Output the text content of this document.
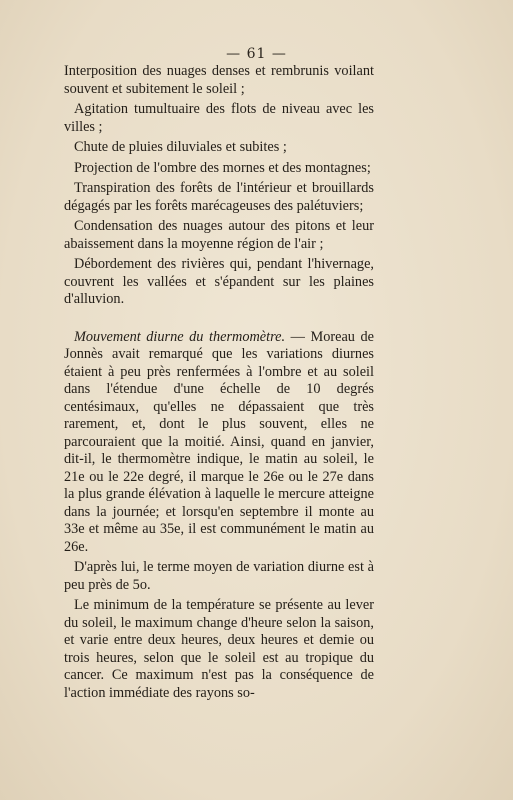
— 61 —

Interposition des nuages denses et rembrunis voilant souvent et subitement le soleil ;

Agitation tumultuaire des flots de niveau avec les villes ;

Chute de pluies diluviales et subites ;

Projection de l'ombre des mornes et des montagnes;

Transpiration des forêts de l'intérieur et brouillards dégagés par les forêts marécageuses des palétuviers;

Condensation des nuages autour des pitons et leur abaissement dans la moyenne région de l'air ;

Débordement des rivières qui, pendant l'hivernage, couvrent les vallées et s'épandent sur les plaines d'alluvion.

Mouvement diurne du thermomètre. — Moreau de Jonnès avait remarqué que les variations diurnes étaient à peu près renfermées à l'ombre et au soleil dans l'étendue d'une échelle de 10 degrés centésimaux, qu'elles ne dépassaient que très rarement, et, dont le plus souvent, elles ne parcouraient que la moitié. Ainsi, quand en janvier, dit-il, le thermomètre indique, le matin au soleil, le 21e ou le 22e degré, il marque le 26e ou le 27e dans la plus grande élévation à laquelle le mercure atteigne dans la journée; et lorsqu'en septembre il monte au 33e et même au 35e, il est communément le matin au 26e.

D'après lui, le terme moyen de variation diurne est à peu près de 5o.

Le minimum de la température se présente au lever du soleil, le maximum change d'heure selon la saison, et varie entre deux heures, deux heures et demie ou trois heures, selon que le soleil est au tropique du cancer. Ce maximum n'est pas la conséquence de l'action immédiate des rayons so-
